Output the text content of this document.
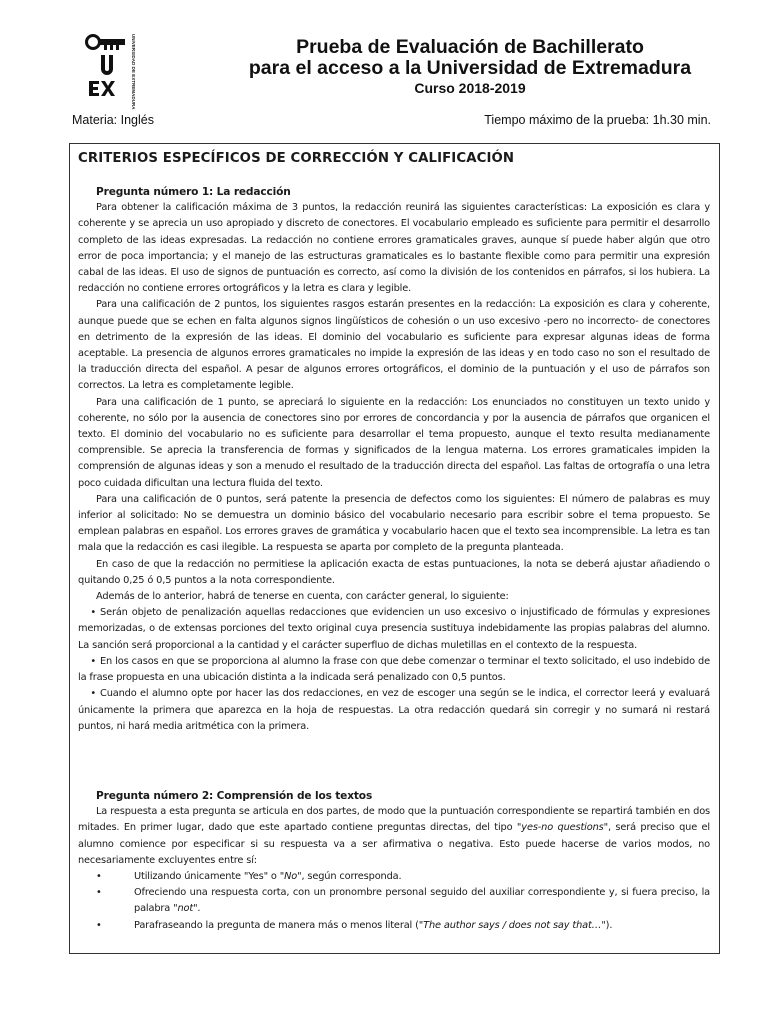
UNIVERSIDAD DE EXTREMADURA	Prueba de Evaluación de Bachillerato
para el acceso a la Universidad de Extremadura
Curso 2018-2019
Materia: Inglés	Tiempo máximo de la prueba: 1h.30 min.
CRITERIOS ESPECÍFICOS DE CORRECCIÓN Y CALIFICACIÓN

Pregunta número 1: La redacción

Para obtener la calificación máxima de 3 puntos, la redacción reunirá las siguientes características: La exposición es clara y coherente y se aprecia un uso apropiado y discreto de conectores. El vocabulario empleado es suficiente para permitir el desarrollo completo de las ideas expresadas. La redacción no contiene errores gramaticales graves, aunque sí puede haber algún que otro error de poca importancia; y el manejo de las estructuras gramaticales es lo bastante flexible como para permitir una expresión cabal de las ideas. El uso de signos de puntuación es correcto, así como la división de los contenidos en párrafos, si los hubiera. La redacción no contiene errores ortográficos y la letra es clara y legible.

Para una calificación de 2 puntos, los siguientes rasgos estarán presentes en la redacción: La exposición es clara y coherente, aunque puede que se echen en falta algunos signos lingüísticos de cohesión o un uso excesivo -pero no incorrecto- de conectores en detrimento de la expresión de las ideas. El dominio del vocabulario es suficiente para expresar algunas ideas de forma aceptable. La presencia de algunos errores gramaticales no impide la expresión de las ideas y en todo caso no son el resultado de la traducción directa del español. A pesar de algunos errores ortográficos, el dominio de la puntuación y el uso de párrafos son correctos. La letra es completamente legible.

Para una calificación de 1 punto, se apreciará lo siguiente en la redacción: Los enunciados no constituyen un texto unido y coherente, no sólo por la ausencia de conectores sino por errores de concordancia y por la ausencia de párrafos que organicen el texto. El dominio del vocabulario no es suficiente para desarrollar el tema propuesto, aunque el texto resulta medianamente comprensible. Se aprecia la transferencia de formas y significados de la lengua materna. Los errores gramaticales impiden la comprensión de algunas ideas y son a menudo el resultado de la traducción directa del español. Las faltas de ortografía o una letra poco cuidada dificultan una lectura fluida del texto.

Para una calificación de 0 puntos, será patente la presencia de defectos como los siguientes: El número de palabras es muy inferior al solicitado: No se demuestra un dominio básico del vocabulario necesario para escribir sobre el tema propuesto. Se emplean palabras en español. Los errores graves de gramática y vocabulario hacen que el texto sea incomprensible. La letra es tan mala que la redacción es casi ilegible. La respuesta se aparta por completo de la pregunta planteada.

En caso de que la redacción no permitiese la aplicación exacta de estas puntuaciones, la nota se deberá ajustar añadiendo o quitando 0,25 ó 0,5 puntos a la nota correspondiente.

Además de lo anterior, habrá de tenerse en cuenta, con carácter general, lo siguiente:

• Serán objeto de penalización aquellas redacciones que evidencien un uso excesivo o injustificado de fórmulas y expresiones memorizadas, o de extensas porciones del texto original cuya presencia sustituya indebidamente las propias palabras del alumno. La sanción será proporcional a la cantidad y el carácter superfluo de dichas muletillas en el contexto de la respuesta.

• En los casos en que se proporciona al alumno la frase con que debe comenzar o terminar el texto solicitado, el uso indebido de la frase propuesta en una ubicación distinta a la indicada será penalizado con 0,5 puntos.

• Cuando el alumno opte por hacer las dos redacciones, en vez de escoger una según se le indica, el corrector leerá y evaluará únicamente la primera que aparezca en la hoja de respuestas. La otra redacción quedará sin corregir y no sumará ni restará puntos, ni hará media aritmética con la primera.

Pregunta número 2: Comprensión de los textos

La respuesta a esta pregunta se articula en dos partes, de modo que la puntuación correspondiente se repartirá también en dos mitades. En primer lugar, dado que este apartado contiene preguntas directas, del tipo "yes-no questions", será preciso que el alumno comience por especificar si su respuesta va a ser afirmativa o negativa. Esto puede hacerse de varios modos, no necesariamente excluyentes entre sí:

•	Utilizando únicamente "Yes" o "No", según corresponda.
•	Ofreciendo una respuesta corta, con un pronombre personal seguido del auxiliar correspondiente y, si fuera preciso, la palabra "not".
•	Parafraseando la pregunta de manera más o menos literal ("The author says / does not say that…").
